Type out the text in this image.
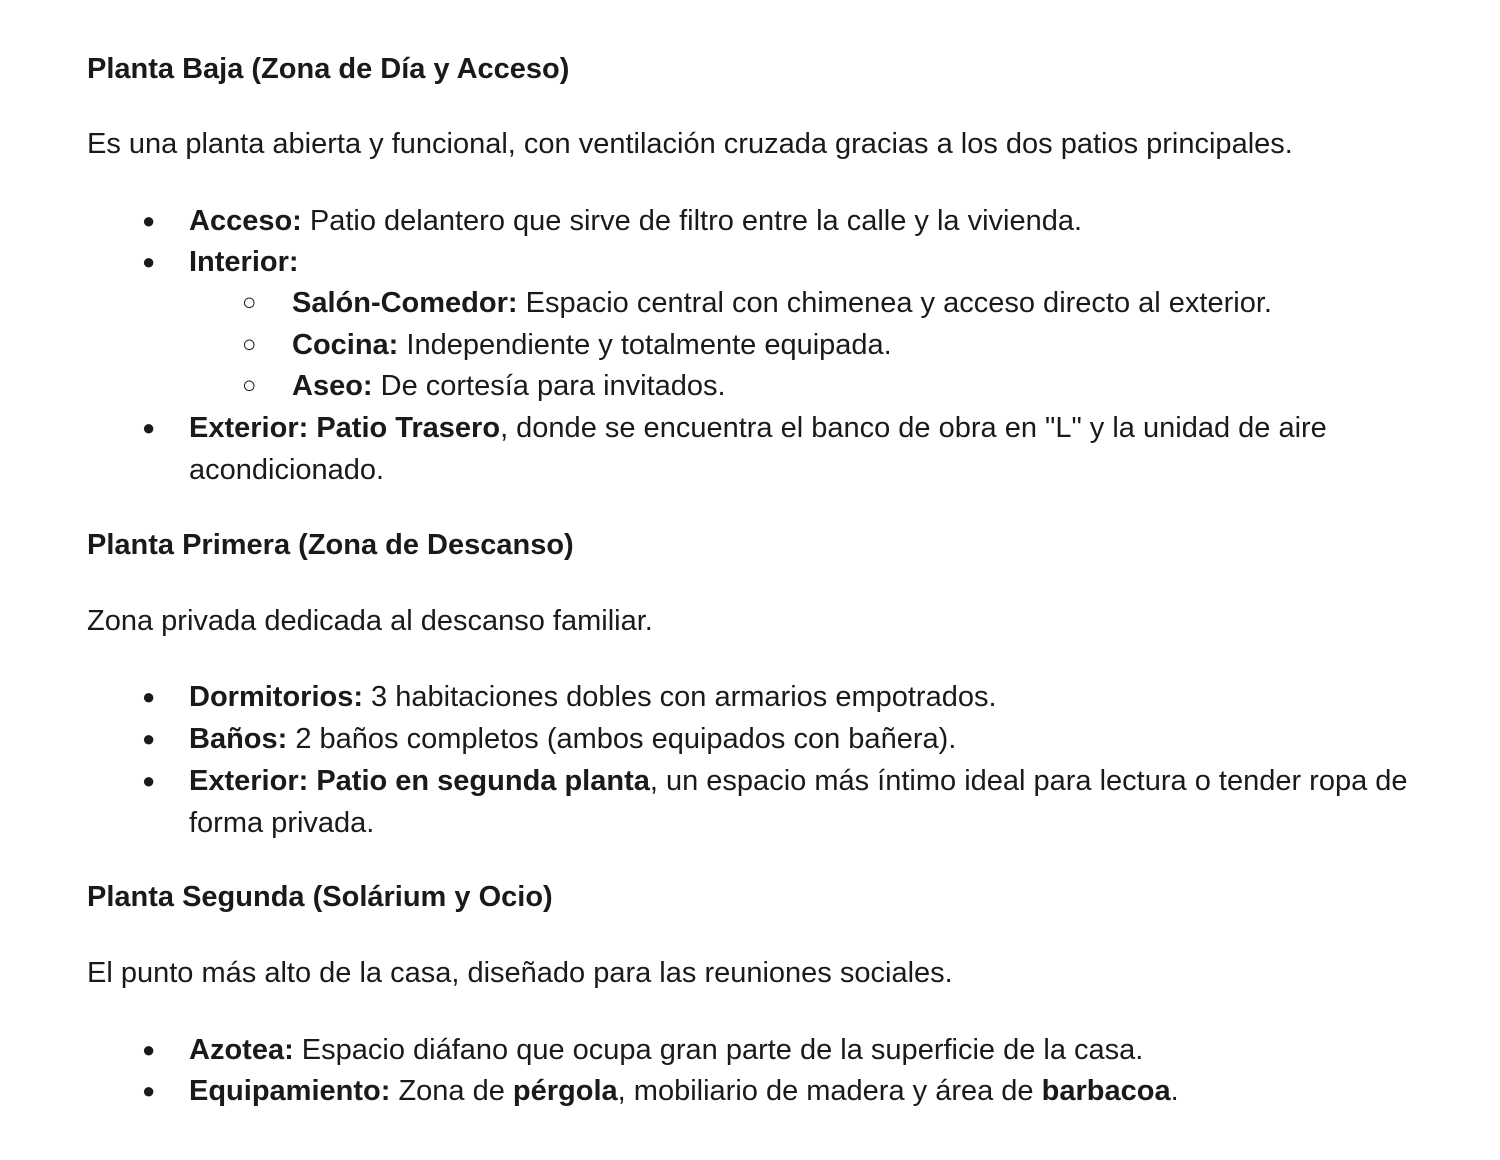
Planta Baja (Zona de Día y Acceso)

Es una planta abierta y funcional, con ventilación cruzada gracias a los dos patios principales.

● Acceso: Patio delantero que sirve de filtro entre la calle y la vivienda.
● Interior:
○ Salón-Comedor: Espacio central con chimenea y acceso directo al exterior.
○ Cocina: Independiente y totalmente equipada.
○ Aseo: De cortesía para invitados.
● Exterior: Patio Trasero, donde se encuentra el banco de obra en "L" y la unidad de aire acondicionado.
Planta Primera (Zona de Descanso)

Zona privada dedicada al descanso familiar.

● Dormitorios: 3 habitaciones dobles con armarios empotrados.
● Baños: 2 baños completos (ambos equipados con bañera).
● Exterior: Patio en segunda planta, un espacio más íntimo ideal para lectura o tender ropa de forma privada.
Planta Segunda (Solárium y Ocio)

El punto más alto de la casa, diseñado para las reuniones sociales.

● Azotea: Espacio diáfano que ocupa gran parte de la superficie de la casa.
● Equipamiento: Zona de pérgola, mobiliario de madera y área de barbacoa.
